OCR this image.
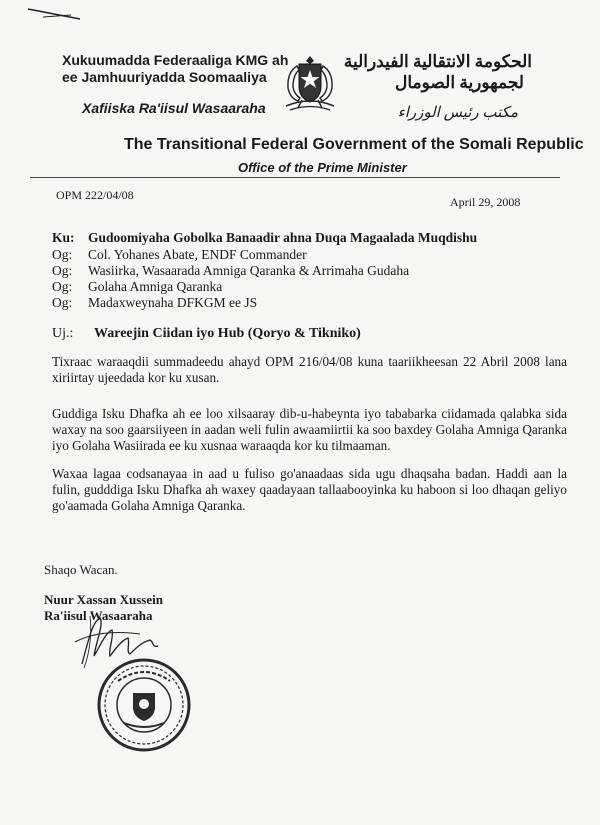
Xukuumadda Federaaliga KMG ah
ee Jamhuuriyadda Soomaaliya
Xafiiska Ra'iisul Wasaaraha
الحكومة الانتقالية الفيدرالية
لجمهورية الصومال
مكتب رئيس الوزراء
The Transitional Federal Government of the Somali Republic
Office of the Prime Minister
OPM 222/04/08	April 29, 2008
Ku: Gudoomiyaha Gobolka Banaadir ahna Duqa Magaalada Muqdishu
Og: Col. Yohanes Abate, ENDF Commander
Og: Wasiirka, Wasaarada Amniga Qaranka & Arrimaha Gudaha
Og: Golaha Amniga Qaranka
Og: Madaxweynaha DFKGM ee JS
Uj.: Wareejin Ciidan iyo Hub (Qoryo & Tikniko)
Tixraac waraaqdii summadeedu ahayd OPM 216/04/08 kuna taariikheesan 22 Abril 2008 lana xiriirtay ujeedada kor ku xusan.
Guddiga Isku Dhafka ah ee loo xilsaaray dib-u-habeynta iyo tababarka ciidamada qalabka sida waxay na soo gaarsiiyeen in aadan weli fulin awaamiirtii ka soo baxdey Golaha Amniga Qaranka iyo Golaha Wasiirada ee ku xusnaa waraaqda kor ku tilmaaman.
Waxaa lagaa codsanayaa in aad u fuliso go'anaadaas sida ugu dhaqsaha badan. Haddi aan la fulin, gudddiga Isku Dhafka ah waxey qaadayaan tallaabooyinka ku haboon si loo dhaqan geliyo go'aamada Golaha Amniga Qaranka.
Shaqo Wacan.
Nuur Xassan Xussein
Ra'iisul Wasaaraha
